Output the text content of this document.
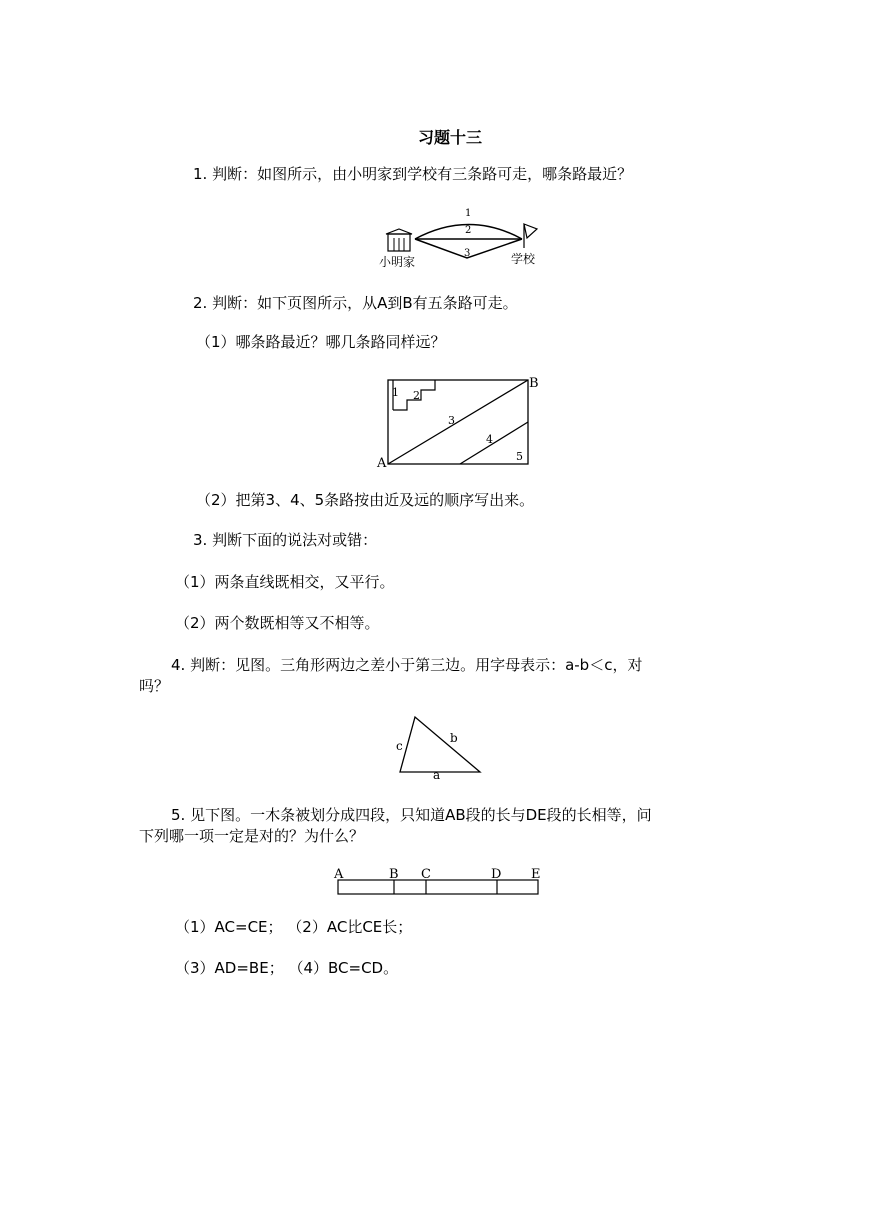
习题十三
1. 判断：如图所示，由小明家到学校有三条路可走，哪条路最近？
1
2
3
小明家	学校
2. 判断：如下页图所示，从A到B有五条路可走。
（1）哪条路最近？哪几条路同样远？
A
B
1 2
3
4
5
（2）把第3、4、5条路按由近及远的顺序写出来。
3. 判断下面的说法对或错：
（1）两条直线既相交，又平行。
（2）两个数既相等又不相等。
4. 判断：见图。三角形两边之差小于第三边。用字母表示：a-b＜c，对
吗？
c
b
a
5. 见下图。一木条被划分成四段，只知道AB段的长与DE段的长相等，问
下列哪一项一定是对的？为什么？
A	B C	D E
（1）AC=CE； （2）AC比CE长；
（3）AD=BE； （4）BC=CD。
